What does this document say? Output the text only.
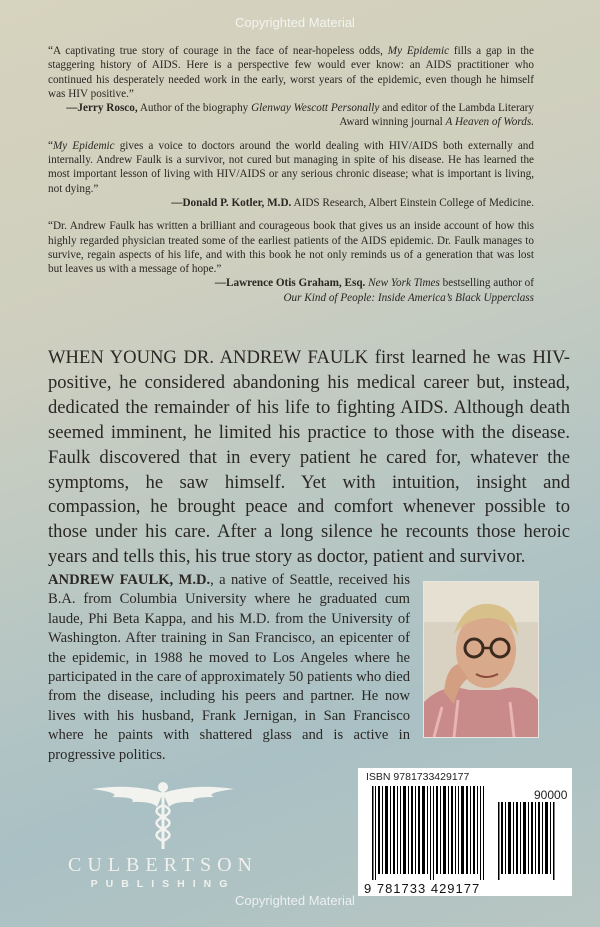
Copyrighted Material

“A captivating true story of courage in the face of near-hopeless odds, My Epidemic fills a gap in the staggering history of AIDS. Here is a perspective few would ever know: an AIDS practitioner who continued his desperately needed work in the early, worst years of the epidemic, even though he himself was HIV positive.”

—Jerry Rosco, Author of the biography Glenway Wescott Personally and editor of the Lambda Literary Award winning journal A Heaven of Words.

“My Epidemic gives a voice to doctors around the world dealing with HIV/AIDS both externally and internally. Andrew Faulk is a survivor, not cured but managing in spite of his disease. He has learned the most important lesson of living with HIV/AIDS or any serious chronic disease; what is important is living, not dying.”

—Donald P. Kotler, M.D. AIDS Research, Albert Einstein College of Medicine.

“Dr. Andrew Faulk has written a brilliant and courageous book that gives us an inside account of how this highly regarded physician treated some of the earliest patients of the AIDS epidemic. Dr. Faulk manages to survive, regain aspects of his life, and with this book he not only reminds us of a generation that was lost but leaves us with a message of hope.”

—Lawrence Otis Graham, Esq. New York Times bestselling author of
Our Kind of People: Inside America’s Black Upperclass

WHEN YOUNG DR. ANDREW FAULK first learned he was HIV-positive, he considered abandoning his medical career but, instead, dedicated the remainder of his life to fighting AIDS. Although death seemed imminent, he limited his practice to those with the disease. Faulk discovered that in every patient he cared for, whatever the symptoms, he saw himself. Yet with intuition, insight and compassion, he brought peace and comfort whenever possible to those under his care. After a long silence he recounts those heroic years and tells this, his true story as doctor, patient and survivor.
ANDREW FAULK, M.D., a native of Seattle, received his B.A. from Columbia University where he graduated cum laude, Phi Beta Kappa, and his M.D. from the University of Washington. After training in San Francisco, an epicenter of the epidemic, in 1988 he moved to Los Angeles where he participated in the care of approximately 50 patients who died from the disease, including his peers and partner. He now lives with his husband, Frank Jernigan, in San Francisco where he paints with shattered glass and is active in progressive politics.
CULBERTSON
PUBLISHING
ISBN 9781733429177
90000
9 781733 429177
Copyrighted Material
